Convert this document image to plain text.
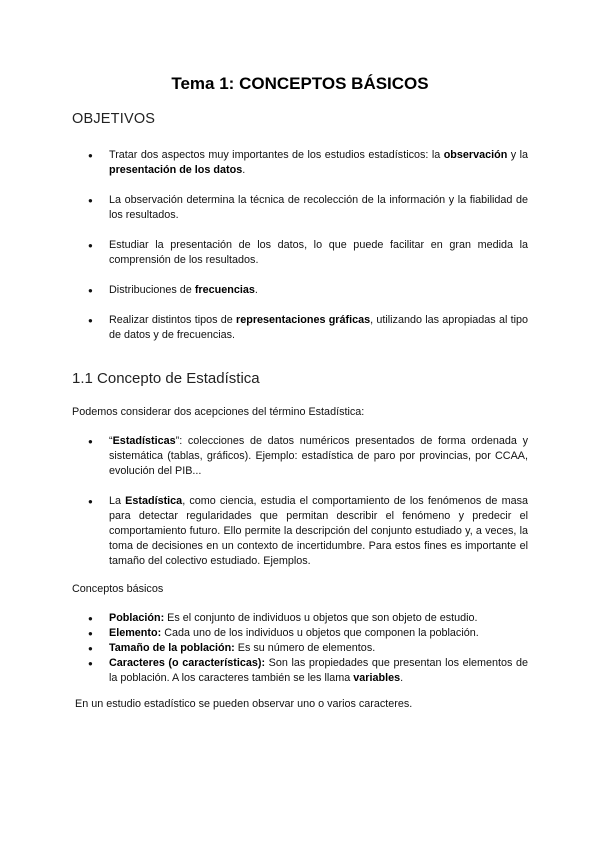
Tema 1: CONCEPTOS BÁSICOS
OBJETIVOS
● Tratar dos aspectos muy importantes de los estudios estadísticos: la observación y la presentación de los datos.
● La observación determina la técnica de recolección de la información y la fiabilidad de los resultados.
● Estudiar la presentación de los datos, lo que puede facilitar en gran medida la comprensión de los resultados.
● Distribuciones de frecuencias.
● Realizar distintos tipos de representaciones gráficas, utilizando las apropiadas al tipo de datos y de frecuencias.
1.1 Concepto de Estadística

Podemos considerar dos acepciones del término Estadística:

● “Estadísticas”: colecciones de datos numéricos presentados de forma ordenada y sistemática (tablas, gráficos). Ejemplo: estadística de paro por provincias, por CCAA, evolución del PIB...
● La Estadística, como ciencia, estudia el comportamiento de los fenómenos de masa para detectar regularidades que permitan describir el fenómeno y predecir el comportamiento futuro. Ello permite la descripción del conjunto estudiado y, a veces, la toma de decisiones en un contexto de incertidumbre. Para estos fines es importante el tamaño del colectivo estudiado. Ejemplos.

Conceptos básicos

● Población: Es el conjunto de individuos u objetos que son objeto de estudio.
● Elemento: Cada uno de los individuos u objetos que componen la población.
● Tamaño de la población: Es su número de elementos.
● Caracteres (o características): Son las propiedades que presentan los elementos de la población. A los caracteres también se les llama variables.

En un estudio estadístico se pueden observar uno o varios caracteres.
